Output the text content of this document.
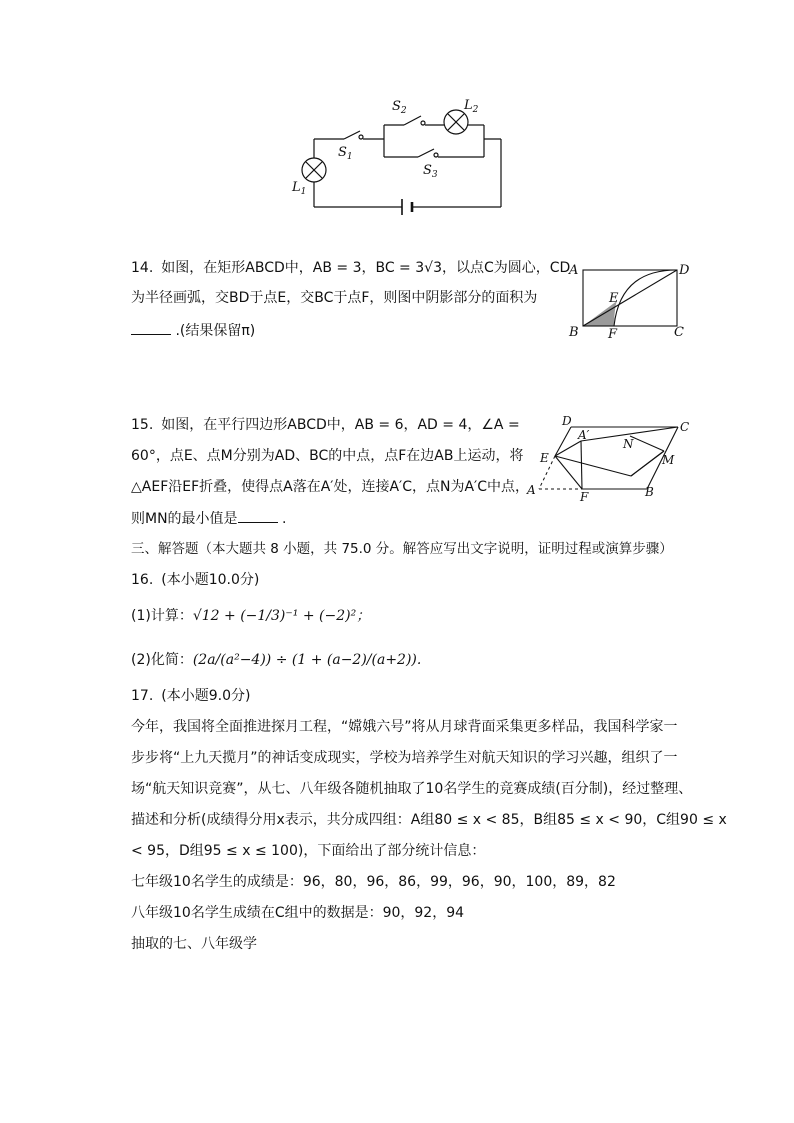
$S_1$
$S_2$
$S_3$
$L_1$
$L_2$
14. 如图，在矩形ABCD中，AB = 3，BC = 3√3，以点C为圆心，CD
为半径画弧，交BD于点E，交BC于点F，则图中阴影部分的面积为
.(结果保留π)
A	D
B	C
E
F
15. 如图，在平行四边形ABCD中，AB = 6，AD = 4，∠A =
60°，点E、点M分别为AD、BC的中点，点F在边AB上运动，将
△AEF沿EF折叠，使得点A落在A′处，连接A′C，点N为A′C中点，
则MN的最小值是	.
D	C
A′
N
M
E
A	F	B
三、解答题（本大题共 8 小题，共 75.0 分。解答应写出文字说明，证明过程或演算步骤）
16. (本小题10.0分)
(1)计算：√12 + (−1/3)⁻¹ + (−2)²；
(2)化简：(2a/(a²−4)) ÷ (1 + (a−2)/(a+2)).
17. (本小题9.0分)
今年，我国将全面推进探月工程，“嫦娥六号”将从月球背面采集更多样品，我国科学家一
步步将“上九天揽月”的神话变成现实，学校为培养学生对航天知识的学习兴趣，组织了一
场“航天知识竞赛”，从七、八年级各随机抽取了10名学生的竞赛成绩(百分制)，经过整理、
描述和分析(成绩得分用x表示，共分成四组：A组80 ≤ x < 85，B组85 ≤ x < 90，C组90 ≤ x
< 95，D组95 ≤ x ≤ 100)，下面给出了部分统计信息：
七年级10名学生的成绩是：96，80，96，86，99，96，90，100，89，82
八年级10名学生成绩在C组中的数据是：90，92，94
抽取的七、八年级学
